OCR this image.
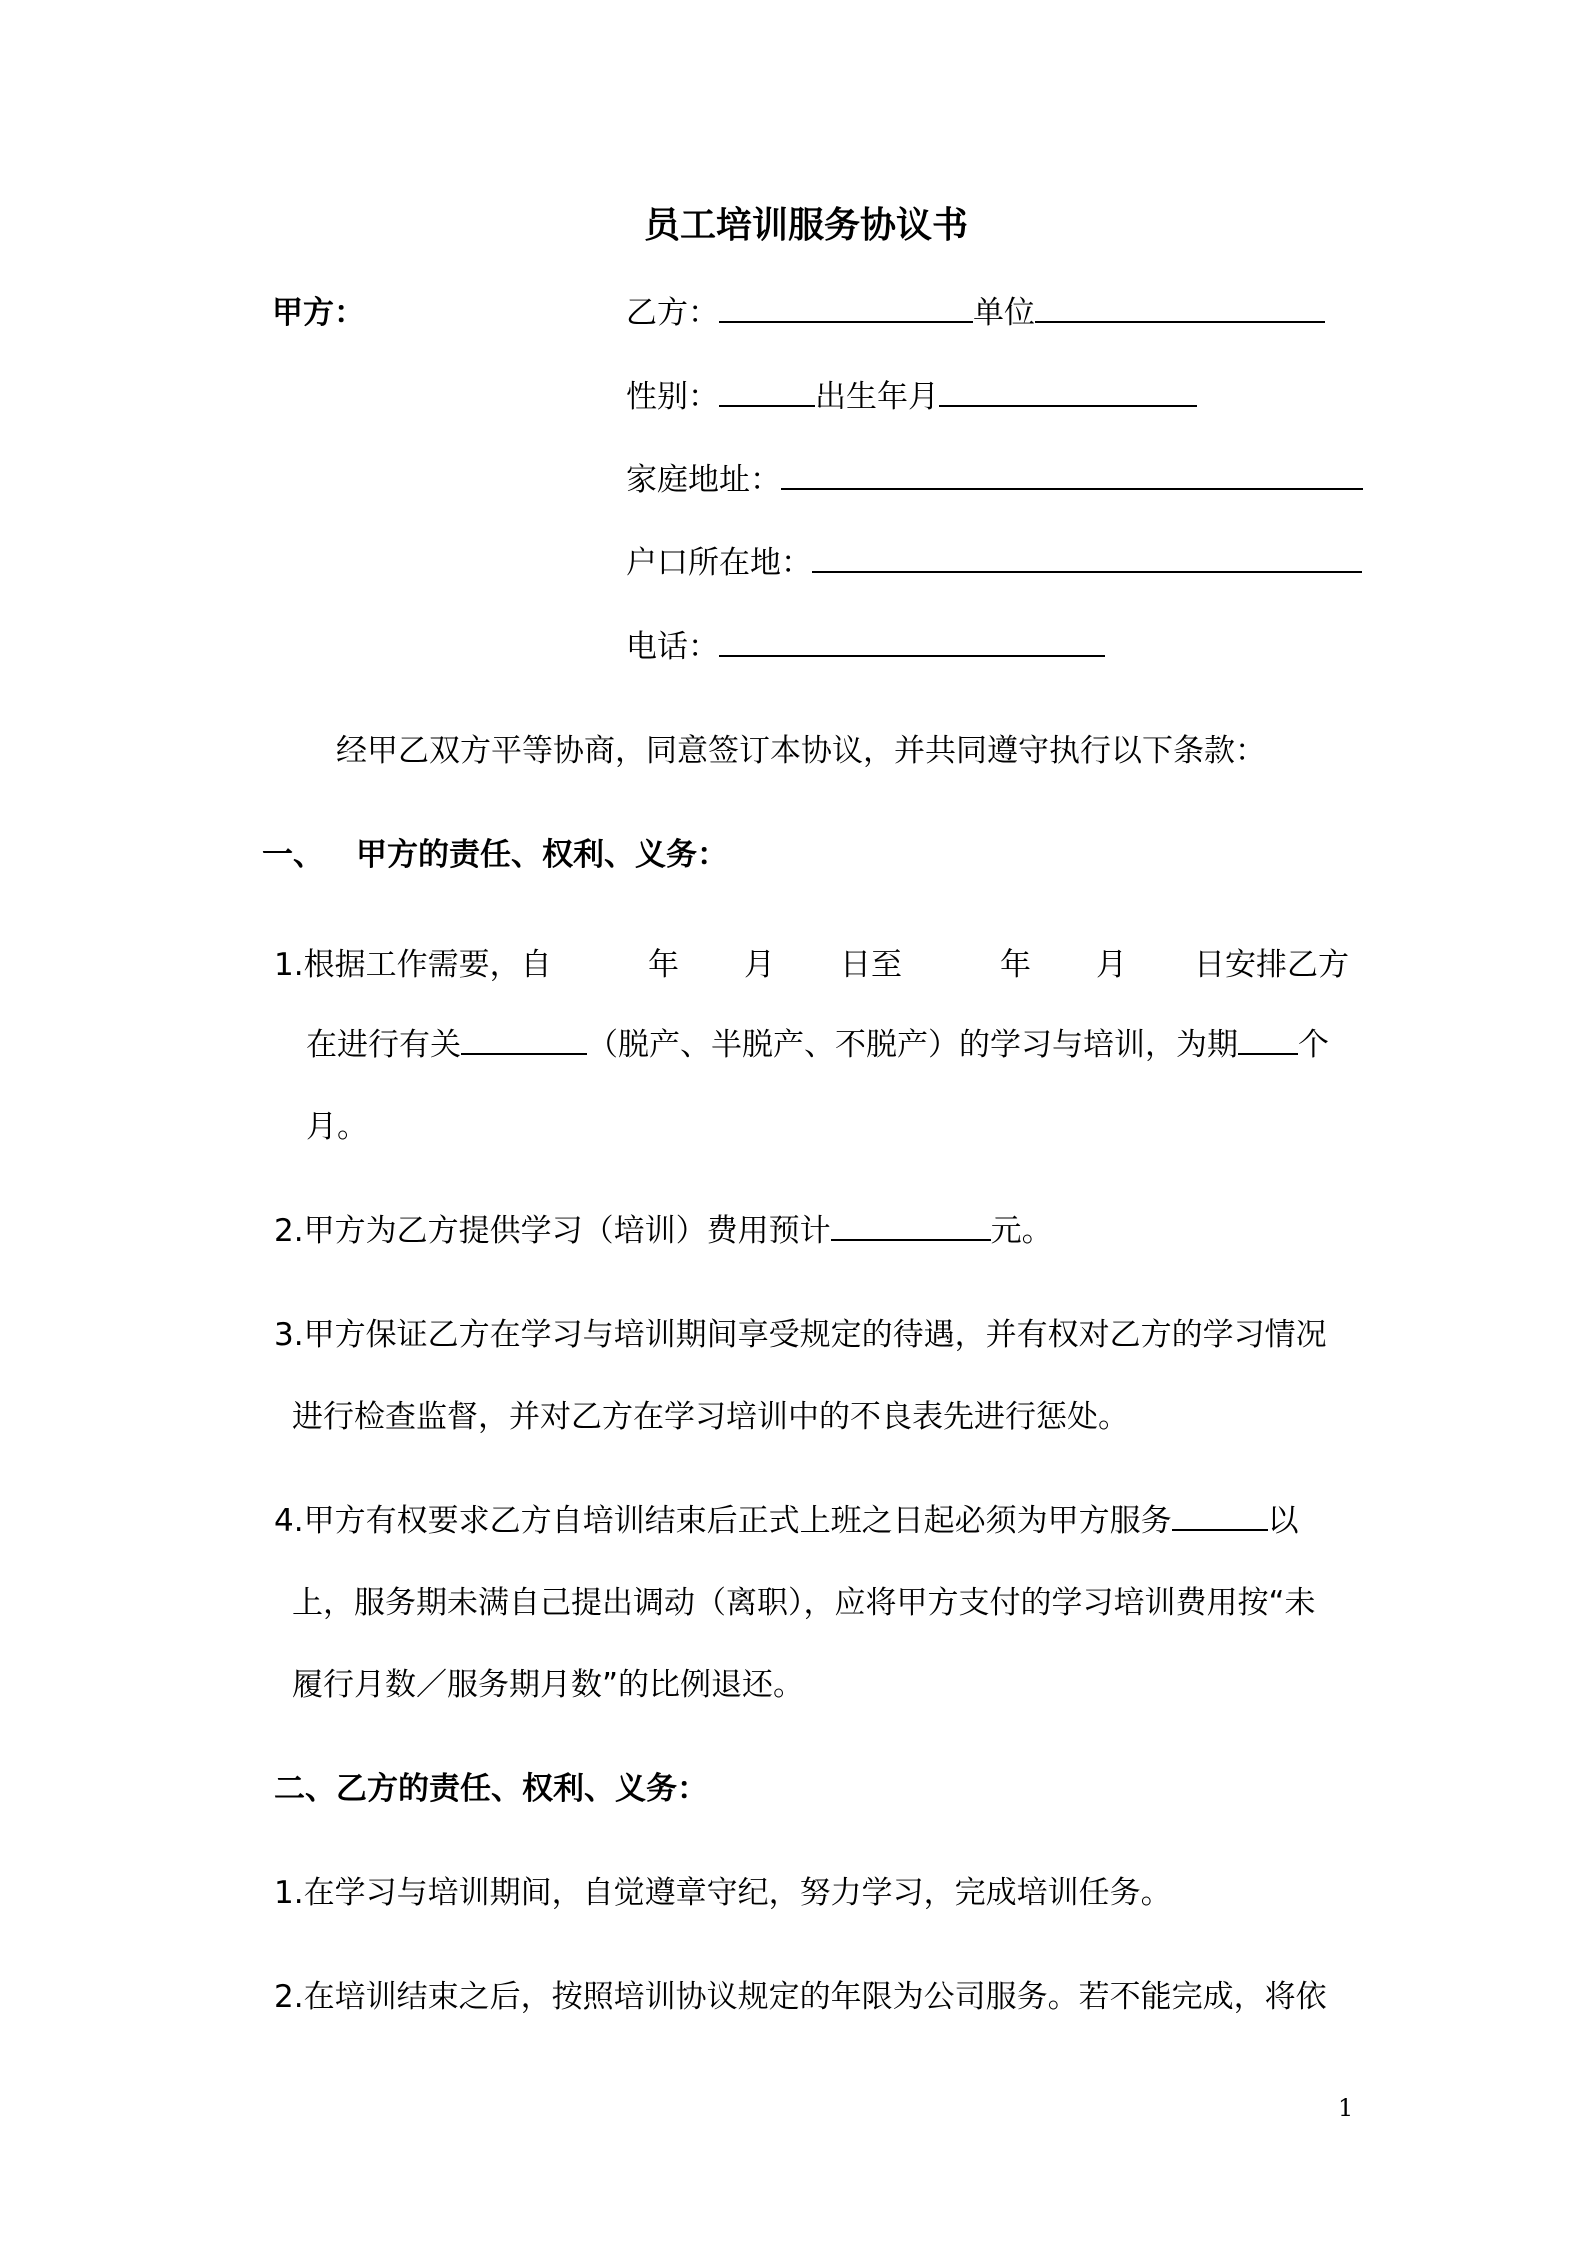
员工培训服务协议书
甲方：	乙方：	单位
性别：	出生年月
家庭地址：
户口所在地：
电话：
经甲乙双方平等协商，同意签订本协议，并共同遵守执行以下条款：
一、 甲方的责任、权利、义务：
1.根据工作需要，自	年 月 日至	年 月 日安排乙方
在进行有关	（脱产、半脱产、不脱产）的学习与培训，为期 个
月。
2.甲方为乙方提供学习（培训）费用预计	元。
3.甲方保证乙方在学习与培训期间享受规定的待遇，并有权对乙方的学习情况
进行检查监督，并对乙方在学习培训中的不良表先进行惩处。
4.甲方有权要求乙方自培训结束后正式上班之日起必须为甲方服务	以
上，服务期未满自己提出调动（离职），应将甲方支付的学习培训费用按“未
履行月数／服务期月数”的比例退还。
二、乙方的责任、权利、义务：
1.在学习与培训期间，自觉遵章守纪，努力学习，完成培训任务。
2.在培训结束之后，按照培训协议规定的年限为公司服务。若不能完成，将依
1
